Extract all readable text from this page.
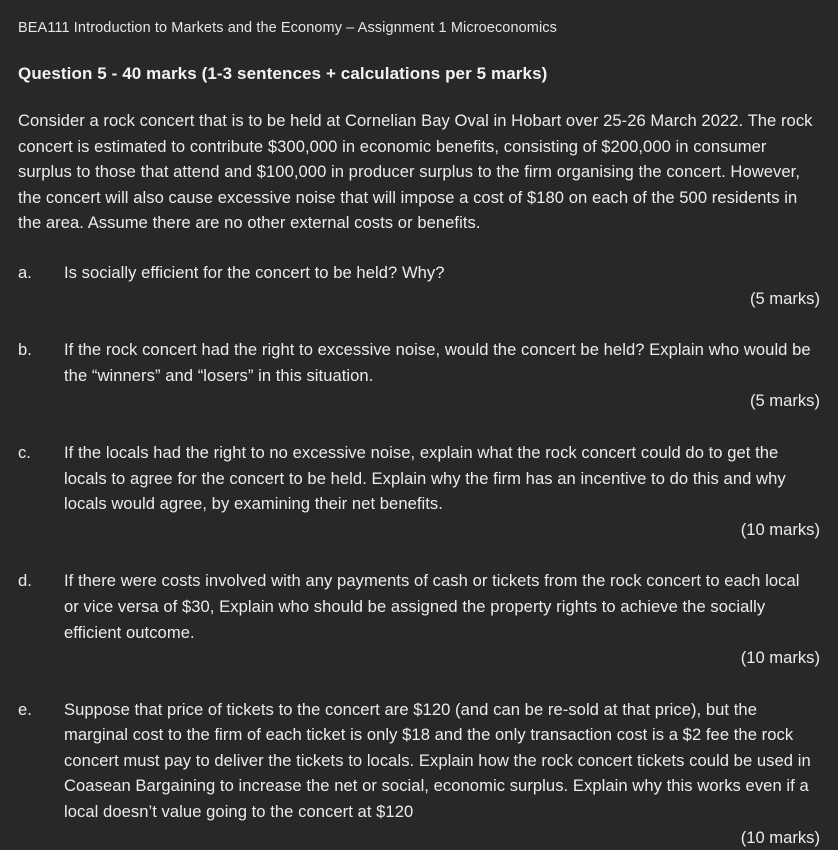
BEA111 Introduction to Markets and the Economy – Assignment 1 Microeconomics
Question 5 - 40 marks (1-3 sentences + calculations per 5 marks)

Consider a rock concert that is to be held at Cornelian Bay Oval in Hobart over 25-26 March 2022. The rock concert is estimated to contribute $300,000 in economic benefits, consisting of $200,000 in consumer surplus to those that attend and $100,000 in producer surplus to the firm organising the concert. However, the concert will also cause excessive noise that will impose a cost of $180 on each of the 500 residents in the area. Assume there are no other external costs or benefits.

a.	Is socially efficient for the concert to be held? Why?
(5 marks)
b.	If the rock concert had the right to excessive noise, would the concert be held? Explain who would be the “winners” and “losers” in this situation.
(5 marks)
c.	If the locals had the right to no excessive noise, explain what the rock concert could do to get the locals to agree for the concert to be held. Explain why the firm has an incentive to do this and why locals would agree, by examining their net benefits.
(10 marks)
d.	If there were costs involved with any payments of cash or tickets from the rock concert to each local or vice versa of $30, Explain who should be assigned the property rights to achieve the socially efficient outcome.
(10 marks)
e.	Suppose that price of tickets to the concert are $120 (and can be re-sold at that price), but the marginal cost to the firm of each ticket is only $18 and the only transaction cost is a $2 fee the rock concert must pay to deliver the tickets to locals. Explain how the rock concert tickets could be used in Coasean Bargaining to increase the net or social, economic surplus. Explain why this works even if a local doesn’t value going to the concert at $120
(10 marks)
